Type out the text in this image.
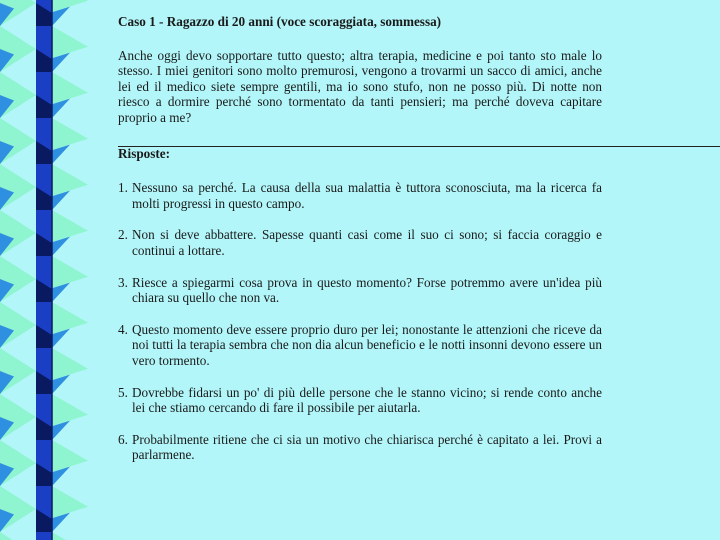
Caso 1 - Ragazzo di 20 anni (voce scoraggiata, sommessa)

Anche oggi devo sopportare tutto questo; altra terapia, medicine e poi tanto sto male lo stesso. I miei genitori sono molto premurosi, vengono a trovarmi un sacco di amici, anche lei ed il medico siete sempre gentili, ma io sono stufo, non ne posso più. Di notte non riesco a dormire perché sono tormentato da tanti pensieri; ma perché doveva capitare proprio a me?

Risposte:

1. Nessuno sa perché. La causa della sua malattia è tuttora sconosciuta, ma la ricerca fa molti progressi in questo campo.
2. Non si deve abbattere. Sapesse quanti casi come il suo ci sono; si faccia coraggio e continui a lottare.
3. Riesce a spiegarmi cosa prova in questo momento? Forse potremmo avere un'idea più chiara su quello che non va.
4. Questo momento deve essere proprio duro per lei; nonostante le attenzioni che riceve da noi tutti la terapia sembra che non dia alcun beneficio e le notti insonni devono essere un vero tormento.
5. Dovrebbe fidarsi un po' di più delle persone che le stanno vicino; si rende conto anche lei che stiamo cercando di fare il possibile per aiutarla.
6. Probabilmente ritiene che ci sia un motivo che chiarisca perché è capitato a lei. Provi a parlarmene.
